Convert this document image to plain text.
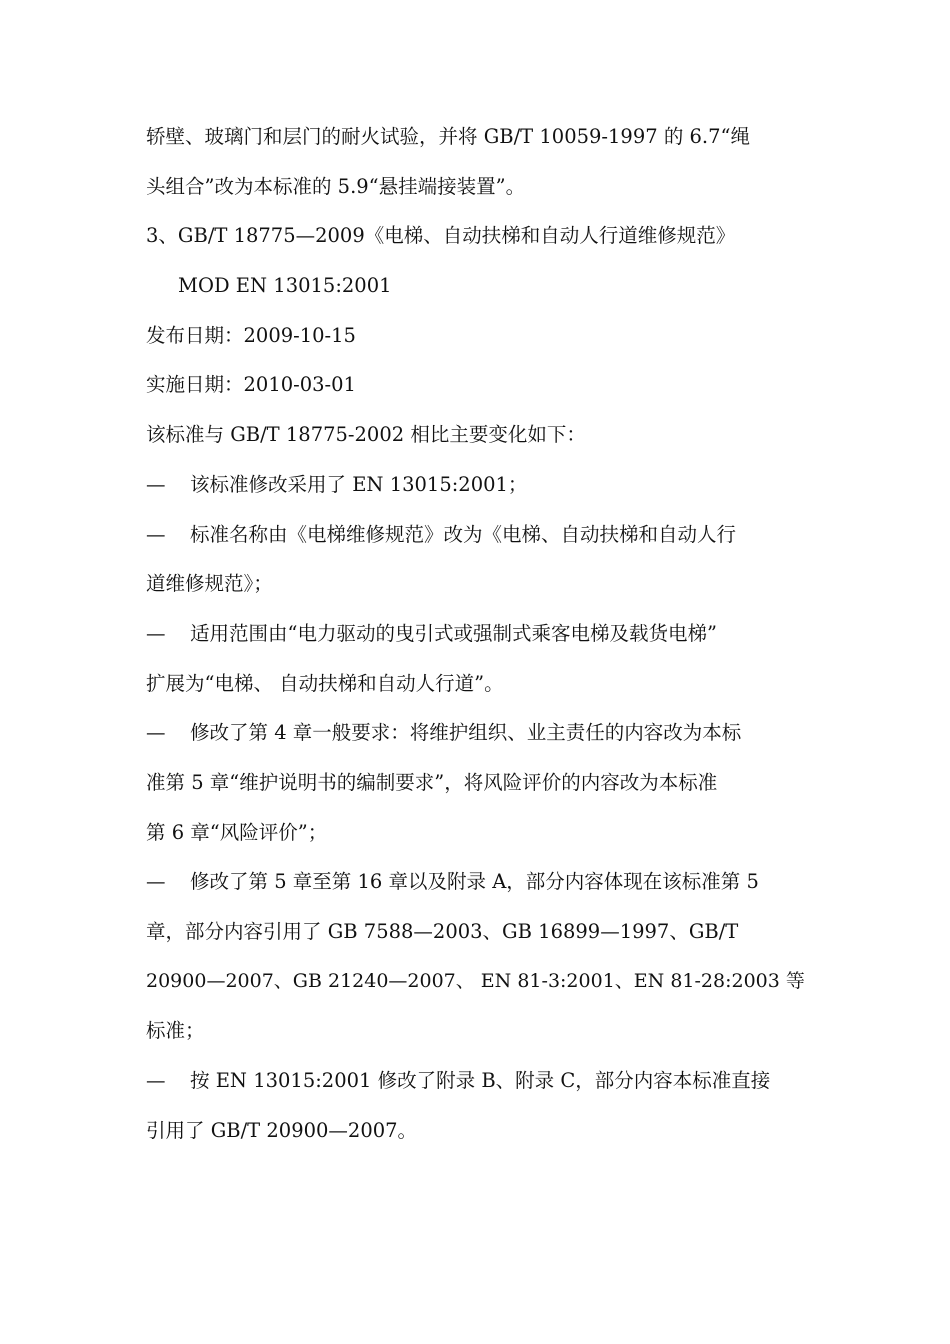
轿壁、玻璃门和层门的耐火试验，并将 GB/T 10059-1997 的 6.7“绳
头组合”改为本标准的 5.9“悬挂端接装置”。
3、GB/T 18775—2009《电梯、自动扶梯和自动人行道维修规范》
MOD EN 13015:2001
发布日期：2009-10-15
实施日期：2010-03-01
该标准与 GB/T 18775-2002 相比主要变化如下：
— 该标准修改采用了 EN 13015:2001；
— 标准名称由《电梯维修规范》改为《电梯、自动扶梯和自动人行
道维修规范》；
— 适用范围由“电力驱动的曳引式或强制式乘客电梯及载货电梯”
扩展为“电梯、 自动扶梯和自动人行道”。
— 修改了第 4 章一般要求：将维护组织、业主责任的内容改为本标
准第 5 章“维护说明书的编制要求”，将风险评价的内容改为本标准
第 6 章“风险评价”；
— 修改了第 5 章至第 16 章以及附录 A，部分内容体现在该标准第 5
章，部分内容引用了 GB 7588—2003、GB 16899—1997、GB/T
20900—2007、GB 21240—2007、 EN 81-3:2001、EN 81-28:2003 等
标准；
— 按 EN 13015:2001 修改了附录 B、附录 C，部分内容本标准直接
引用了 GB/T 20900—2007。
